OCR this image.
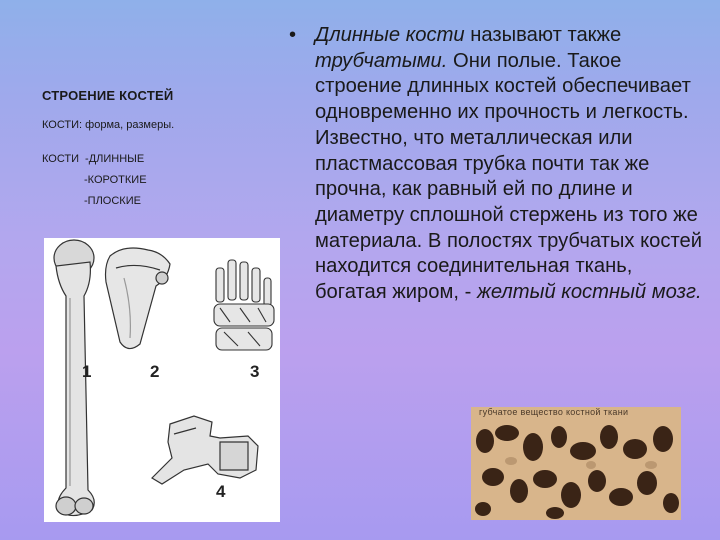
СТРОЕНИЕ КОСТЕЙ
КОСТИ: форма, размеры.
КОСТИ -ДЛИННЫЕ
-КОРОТКИЕ
-ПЛОСКИЕ
1	2	3
4
• Длинные кости называют также трубчатыми. Они полые. Такое строение длинных костей обеспечивает одновременно их прочность и легкость. Известно, что металлическая или пластмассовая трубка почти так же прочна, как равный ей по длине и диаметру сплошной стержень из того же материала. В полостях трубчатых костей находится соединительная ткань, богатая жиром, - желтый костный мозг.
губчатое вещество костной ткани
